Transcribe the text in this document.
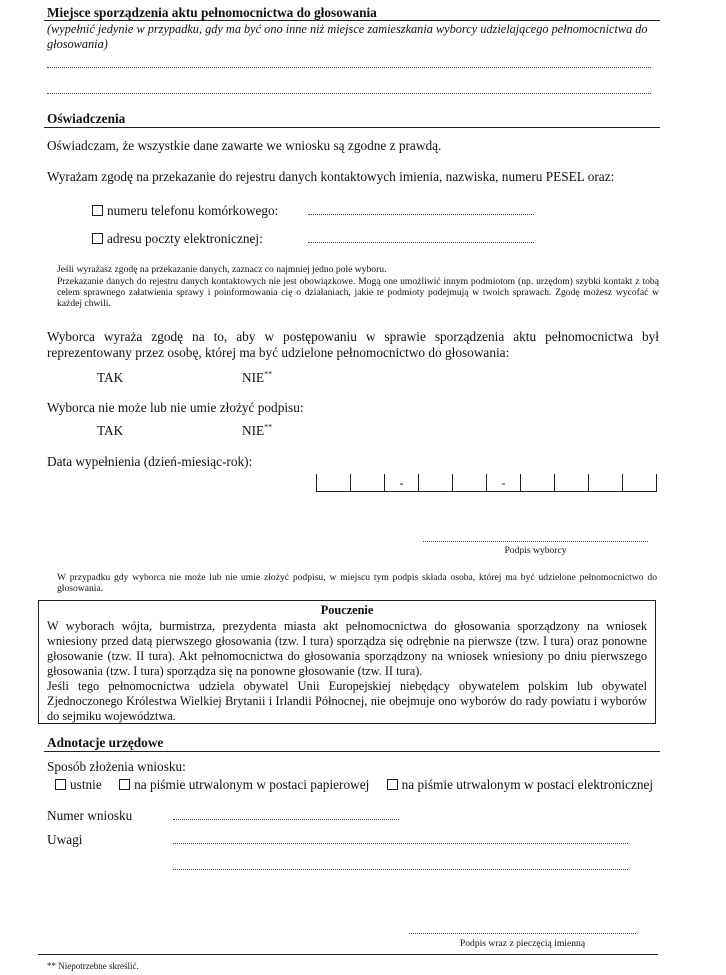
Miejsce sporządzenia aktu pełnomocnictwa do głosowania
(wypełnić jedynie w przypadku, gdy ma być ono inne niż miejsce zamieszkania wyborcy udzielającego pełnomocnictwa do głosowania)
Oświadczenia
Oświadczam, że wszystkie dane zawarte we wniosku są zgodne z prawdą.
Wyrażam zgodę na przekazanie do rejestru danych kontaktowych imienia, nazwiska, numeru PESEL oraz:
numeru telefonu komórkowego:
adresu poczty elektronicznej:
Jeśli wyrażasz zgodę na przekazanie danych, zaznacz co najmniej jedno pole wyboru.
Przekazanie danych do rejestru danych kontaktowych nie jest obowiązkowe. Mogą one umożliwić innym podmiotom (np. urzędom) szybki kontakt z tobą celem sprawnego załatwienia sprawy i poinformowania cię o działaniach, jakie te podmioty podejmują w twoich sprawach. Zgodę możesz wycofać w każdej chwili.
Wyborca wyraża zgodę na to, aby w postępowaniu w sprawie sporządzenia aktu pełnomocnictwa był reprezentowany przez osobę, której ma być udzielone pełnomocnictwo do głosowania:
TAK	NIE**
Wyborca nie może lub nie umie złożyć podpisu:
TAK	NIE**
Data wypełnienia (dzień-miesiąc-rok):
-	-
Podpis wyborcy
W przypadku gdy wyborca nie może lub nie umie złożyć podpisu, w miejscu tym podpis składa osoba, której ma być udzielone pełnomocnictwo do głosowania.
Pouczenie
W wyborach wójta, burmistrza, prezydenta miasta akt pełnomocnictwa do głosowania sporządzony na wniosek wniesiony przed datą pierwszego głosowania (tzw. I tura) sporządza się odrębnie na pierwsze (tzw. I tura) oraz ponowne głosowanie (tzw. II tura). Akt pełnomocnictwa do głosowania sporządzony na wniosek wniesiony po dniu pierwszego głosowania (tzw. I tura) sporządza się na ponowne głosowanie (tzw. II tura).
Jeśli tego pełnomocnictwa udziela obywatel Unii Europejskiej niebędący obywatelem polskim lub obywatel Zjednoczonego Królestwa Wielkiej Brytanii i Irlandii Północnej, nie obejmuje ono wyborów do rady powiatu i wyborów do sejmiku województwa.
Adnotacje urzędowe
Sposób złożenia wniosku:
ustnie na piśmie utrwalonym w postaci papierowej na piśmie utrwalonym w postaci elektronicznej
Numer wniosku
Uwagi
Podpis wraz z pieczęcią imienną
** Niepotrzebne skreślić.
